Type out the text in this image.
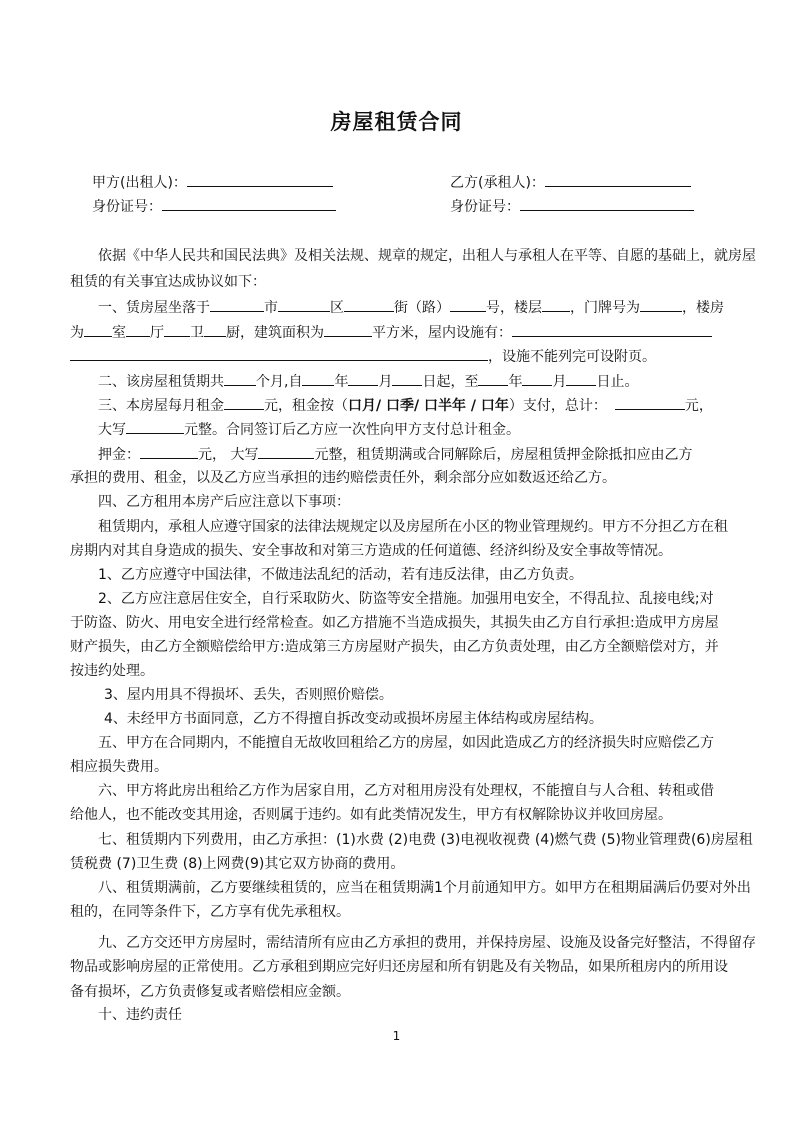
房屋租赁合同
甲方(出租人)：	乙方(承租人)：
身份证号：	身份证号：
依据《中华人民共和国民法典》及相关法规、规章的规定，出租人与承租人在平等、自愿的基础上，就房屋
租赁的有关事宜达成协议如下：
一、赁房屋坐落于	市	区	街（路）	号，楼层 ，门牌号为	，楼房
为 室 厅 卫 厨，建筑面积为	平方米，屋内设施有：
，设施不能列完可设附页。
二、该房屋租赁期共 个月,自 年 月 日起，至 年 月 日止。
三、本房屋每月租金	元，租金按（口月/ 口季/ 口半年 / 口年）支付，总计：	元，
大写	元整。合同签订后乙方应一次性向甲方支付总计租金。
押金：	元， 大写	元整，租赁期满或合同解除后，房屋租赁押金除抵扣应由乙方
承担的费用、租金，以及乙方应当承担的违约赔偿责任外，剩余部分应如数返还给乙方。
四、乙方租用本房产后应注意以下事项：
租赁期内，承租人应遵守国家的法律法规规定以及房屋所在小区的物业管理规约。甲方不分担乙方在租
房期内对其自身造成的损失、安全事故和对第三方造成的任何道德、经济纠纷及安全事故等情况。
1、乙方应遵守中国法律，不做违法乱纪的活动，若有违反法律，由乙方负责。
2、乙方应注意居住安全，自行采取防火、防盗等安全措施。加强用电安全，不得乱拉、乱接电线;对
于防盗、防火、用电安全进行经常检查。如乙方措施不当造成损失，其损失由乙方自行承担:造成甲方房屋
财产损失，由乙方全额赔偿给甲方:造成第三方房屋财产损失，由乙方负责处理，由乙方全额赔偿对方，并
按违约处理。
3、屋内用具不得损坏、丢失，否则照价赔偿。
4、未经甲方书面同意，乙方不得擅自拆改变动或损坏房屋主体结构或房屋结构。
五、甲方在合同期内，不能擅自无故收回租给乙方的房屋，如因此造成乙方的经济损失时应赔偿乙方
相应损失费用。
六、甲方将此房出租给乙方作为居家自用，乙方对租用房没有处理权，不能擅自与人合租、转租或借
给他人，也不能改变其用途，否则属于违约。如有此类情况发生，甲方有权解除协议并收回房屋。
七、租赁期内下列费用，由乙方承担：(1)水费 (2)电费 (3)电视收视费 (4)燃气费 (5)物业管理费(6)房屋租
赁税费 (7)卫生费 (8)上网费(9)其它双方协商的费用。
八、租赁期满前，乙方要继续租赁的，应当在租赁期满1个月前通知甲方。如甲方在租期届满后仍要对外出
租的，在同等条件下，乙方享有优先承租权。
九、乙方交还甲方房屋时，需结清所有应由乙方承担的费用，并保持房屋、设施及设备完好整洁，不得留存
物品或影响房屋的正常使用。乙方承租到期应完好归还房屋和所有钥匙及有关物品，如果所租房内的所用设
备有损坏，乙方负责修复或者赔偿相应金额。
十、违约责任
1
